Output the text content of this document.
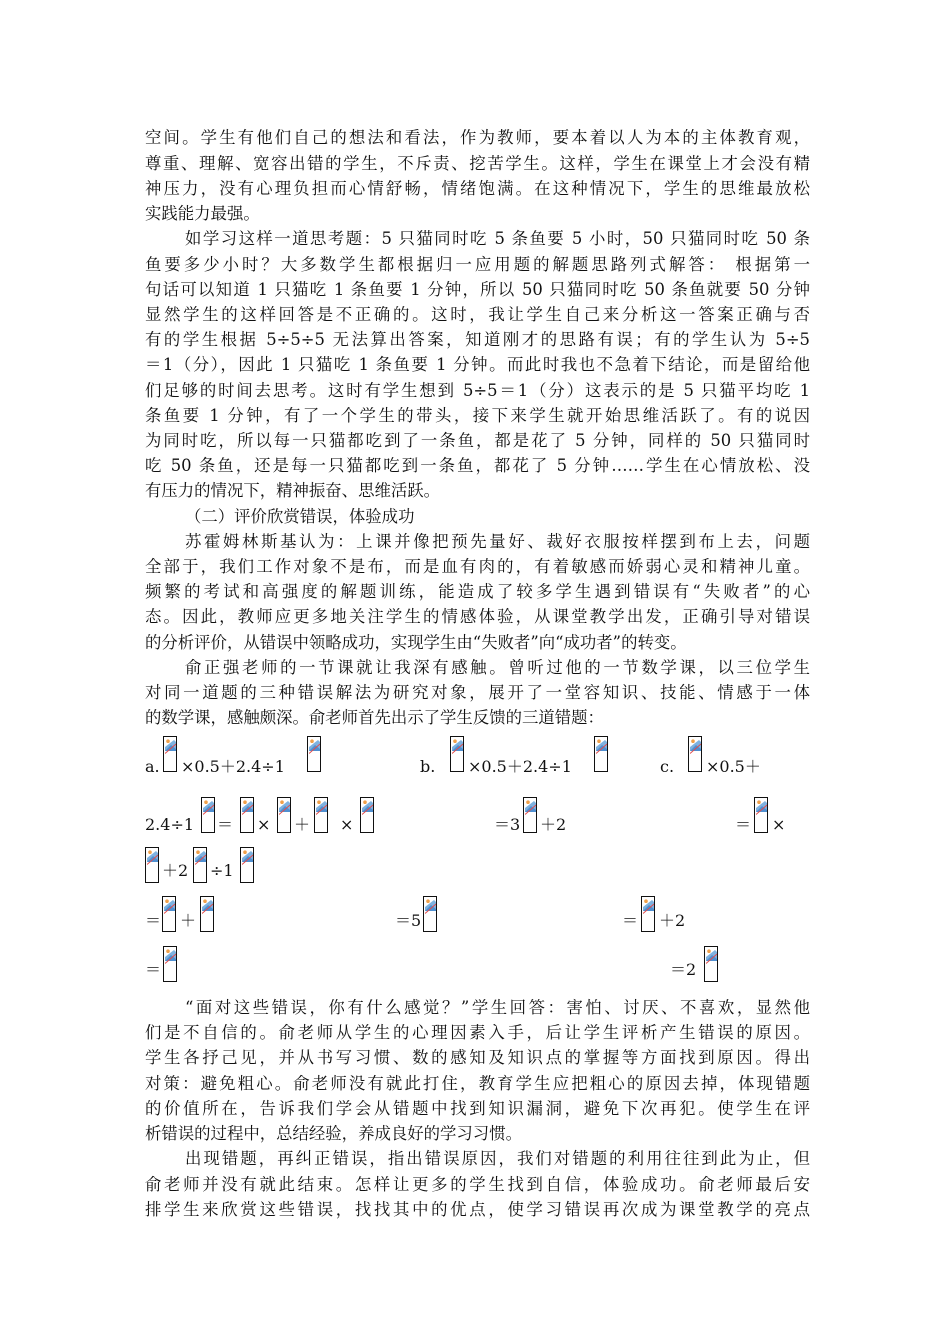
空间。学生有他们自己的想法和看法，作为教师，要本着以人为本的主体教育观，
尊重、理解、宽容出错的学生，不斥责、挖苦学生。这样，学生在课堂上才会没有精
神压力，没有心理负担而心情舒畅，情绪饱满。在这种情况下，学生的思维最放松
实践能力最强。
如学习这样一道思考题：5 只猫同时吃 5 条鱼要 5 小时，50 只猫同时吃 50 条
鱼要多少小时？大多数学生都根据归一应用题的解题思路列式解答： 根据第一
句话可以知道 1 只猫吃 1 条鱼要 1 分钟，所以 50 只猫同时吃 50 条鱼就要 50 分钟
显然学生的这样回答是不正确的。这时，我让学生自己来分析这一答案正确与否
有的学生根据 5÷5÷5 无法算出答案，知道刚才的思路有误；有的学生认为 5÷5
＝1（分），因此 1 只猫吃 1 条鱼要 1 分钟。而此时我也不急着下结论，而是留给他
们足够的时间去思考。这时有学生想到 5÷5＝1（分）这表示的是 5 只猫平均吃 1
条鱼要 1 分钟，有了一个学生的带头，接下来学生就开始思维活跃了。有的说因
为同时吃，所以每一只猫都吃到了一条鱼，都是花了 5 分钟，同样的 50 只猫同时
吃 50 条鱼，还是每一只猫都吃到一条鱼，都花了 5 分钟……学生在心情放松、没
有压力的情况下，精神振奋、思维活跃。
（二）评价欣赏错误，体验成功
苏霍姆林斯基认为：上课并像把预先量好、裁好衣服按样摆到布上去，问题
全部于，我们工作对象不是布，而是血有肉的，有着敏感而娇弱心灵和精神儿童。
频繁的考试和高强度的解题训练，能造成了较多学生遇到错误有“失败者”的心
态。因此，教师应更多地关注学生的情感体验，从课堂教学出发，正确引导对错误
的分析评价，从错误中领略成功，实现学生由“失败者”向“成功者”的转变。
俞正强老师的一节课就让我深有感触。曾听过他的一节数学课，以三位学生
对同一道题的三种错误解法为研究对象，展开了一堂容知识、技能、情感于一体
的数学课，感触颇深。俞老师首先出示了学生反馈的三道错题：
a. ×0.5＋2.4÷1	b. ×0.5＋2.4÷1	c. ×0.5＋
2.4÷1 ＝ × ＋ ×	＝3 ＋2	＝ ×
＋2 ÷1
＝ ＋	＝5	＝ ＋2
＝	＝2
“面对这些错误，你有什么感觉？”学生回答：害怕、讨厌、不喜欢，显然他
们是不自信的。俞老师从学生的心理因素入手，后让学生评析产生错误的原因。
学生各抒己见，并从书写习惯、数的感知及知识点的掌握等方面找到原因。得出
对策：避免粗心。俞老师没有就此打住，教育学生应把粗心的原因去掉，体现错题
的价值所在，告诉我们学会从错题中找到知识漏洞，避免下次再犯。使学生在评
析错误的过程中，总结经验，养成良好的学习习惯。
出现错题，再纠正错误，指出错误原因，我们对错题的利用往往到此为止，但
俞老师并没有就此结束。怎样让更多的学生找到自信，体验成功。俞老师最后安
排学生来欣赏这些错误，找找其中的优点，使学习错误再次成为课堂教学的亮点
